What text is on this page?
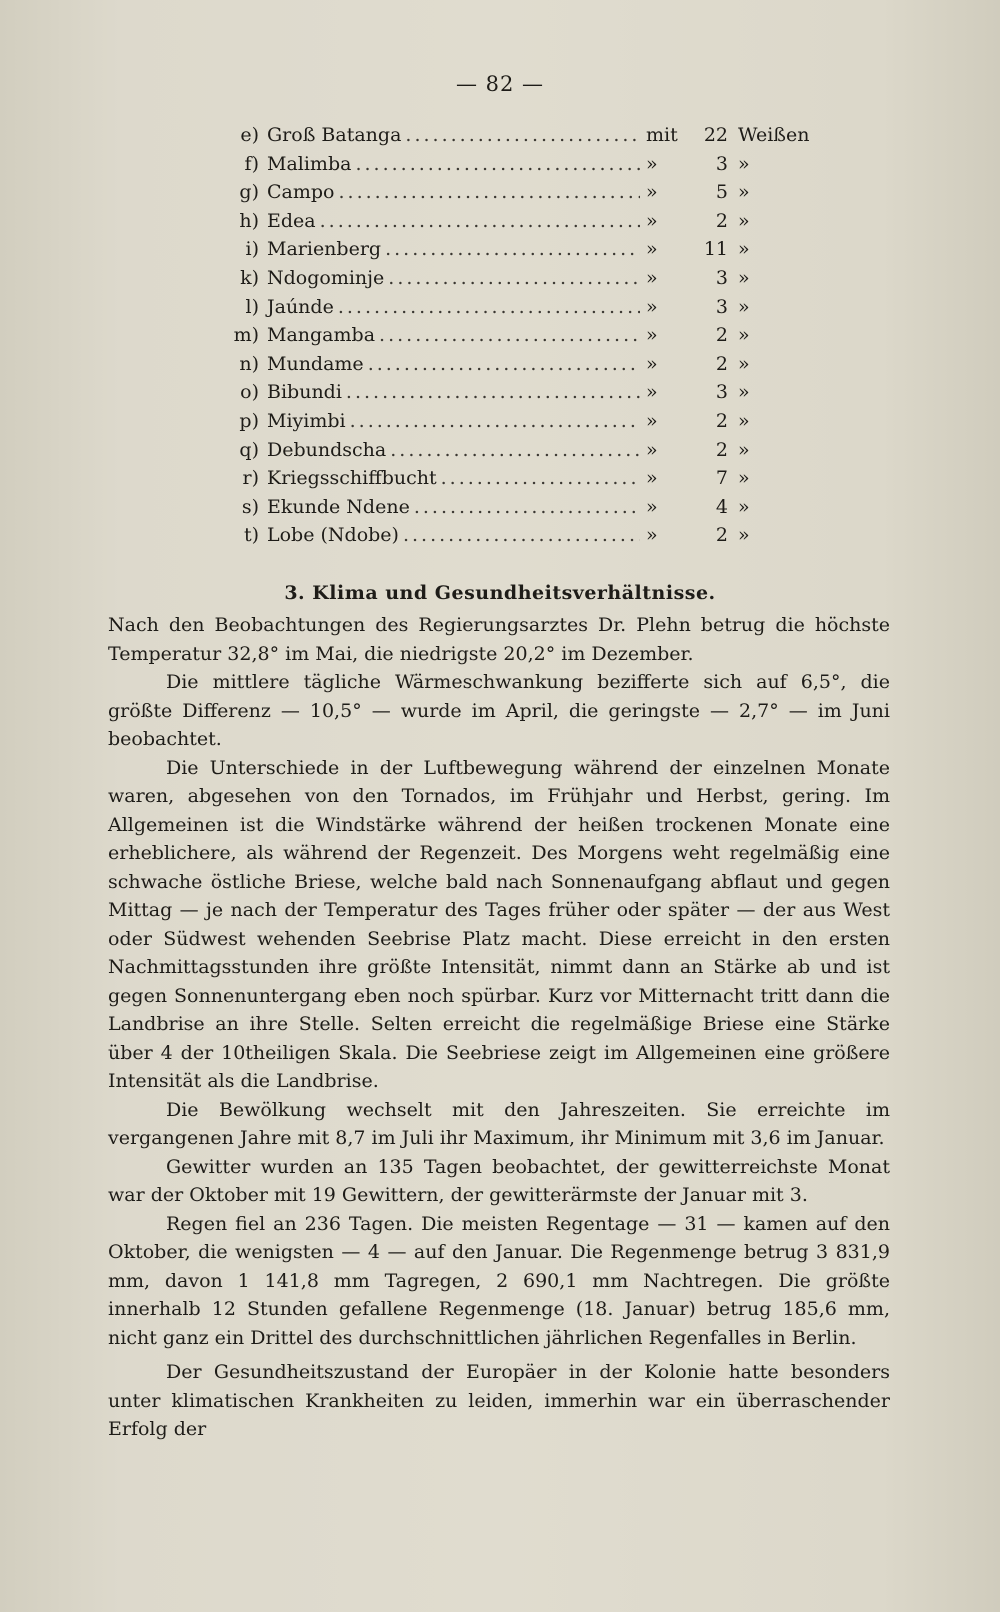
— 82 —
e) Groß Batanga .....	mit	22 Weißen
f) Malimba .....	»	3 »
g) Campo .....	»	5 »
h) Edea .....	»	2 »
i) Marienberg .....	»	11 »
k) Ndogominje .....	»	3 »
l) Jaúnde .....	»	3 »
m) Mangamba .....	»	2 »
n) Mundame .....	»	2 »
o) Bibundi .....	»	3 »
p) Miyimbi .....	»	2 »
q) Debundscha .....	»	2 »
r) Kriegsschiffbucht .....	»	7 »
s) Ekunde Ndene .....	»	4 »
t) Lobe (Ndobe) .....	»	2 »
3. Klima und Gesundheitsverhältnisse.

Nach den Beobachtungen des Regierungsarztes Dr. Plehn betrug die höchste Temperatur 32,8° im Mai, die niedrigste 20,2° im Dezember.

Die mittlere tägliche Wärmeschwankung bezifferte sich auf 6,5°, die größte Differenz — 10,5° — wurde im April, die geringste — 2,7° — im Juni beobachtet.

Die Unterschiede in der Luftbewegung während der einzelnen Monate waren, abgesehen von den Tornados, im Frühjahr und Herbst, gering. Im Allgemeinen ist die Windstärke während der heißen trockenen Monate eine erheblichere, als während der Regenzeit. Des Morgens weht regelmäßig eine schwache östliche Briese, welche bald nach Sonnenaufgang abflaut und gegen Mittag — je nach der Temperatur des Tages früher oder später — der aus West oder Südwest wehenden Seebrise Platz macht. Diese erreicht in den ersten Nachmittagsstunden ihre größte Intensität, nimmt dann an Stärke ab und ist gegen Sonnenuntergang eben noch spürbar. Kurz vor Mitternacht tritt dann die Landbrise an ihre Stelle. Selten erreicht die regelmäßige Briese eine Stärke über 4 der 10theiligen Skala. Die Seebriese zeigt im Allgemeinen eine größere Intensität als die Landbrise.

Die Bewölkung wechselt mit den Jahreszeiten. Sie erreichte im vergangenen Jahre mit 8,7 im Juli ihr Maximum, ihr Minimum mit 3,6 im Januar.

Gewitter wurden an 135 Tagen beobachtet, der gewitterreichste Monat war der Oktober mit 19 Gewittern, der gewitterärmste der Januar mit 3.

Regen fiel an 236 Tagen. Die meisten Regentage — 31 — kamen auf den Oktober, die wenigsten — 4 — auf den Januar. Die Regenmenge betrug 3 831,9 mm, davon 1 141,8 mm Tagregen, 2 690,1 mm Nachtregen. Die größte innerhalb 12 Stunden gefallene Regenmenge (18. Januar) betrug 185,6 mm, nicht ganz ein Drittel des durchschnittlichen jährlichen Regenfalles in Berlin.

Der Gesundheitszustand der Europäer in der Kolonie hatte besonders unter klimatischen Krankheiten zu leiden, immerhin war ein überraschender Erfolg der
